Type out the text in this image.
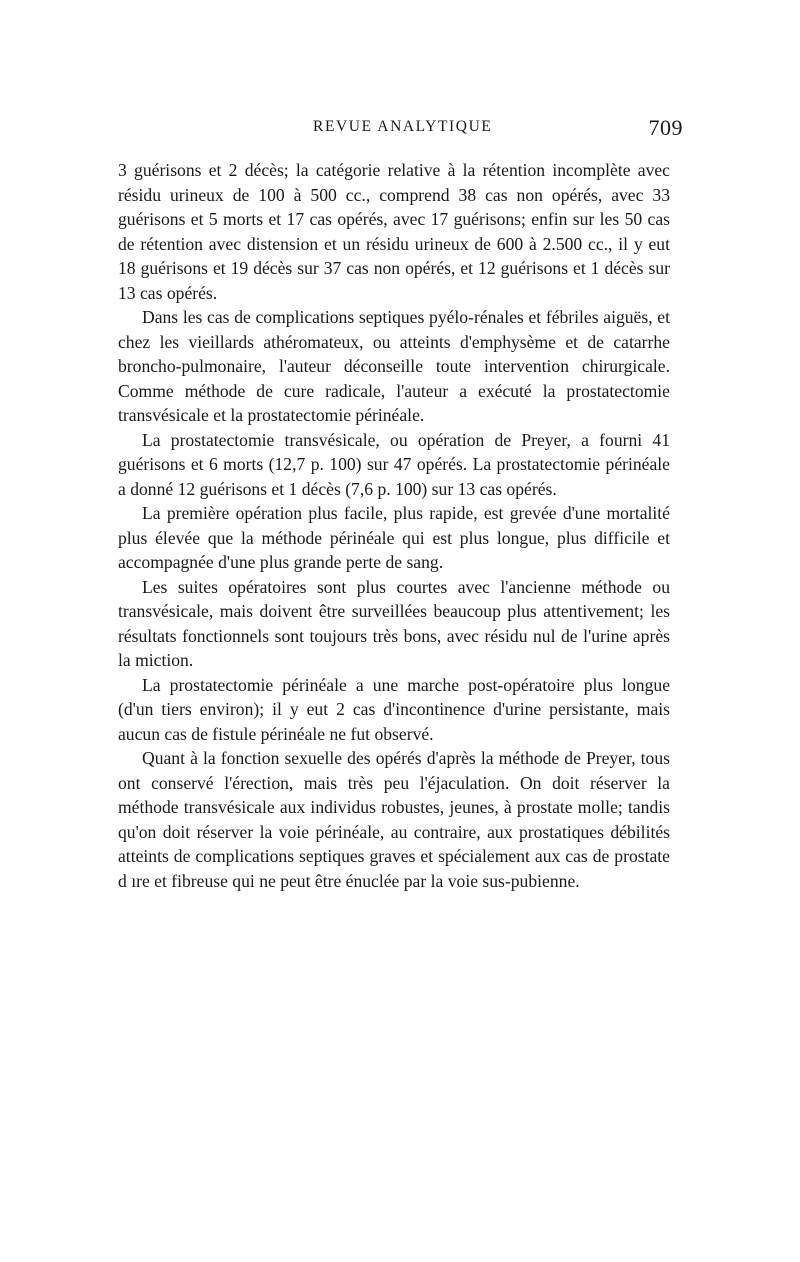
REVUE ANALYTIQUE	709

3 guérisons et 2 décès; la catégorie relative à la rétention incomplète avec résidu urineux de 100 à 500 cc., comprend 38 cas non opérés, avec 33 guérisons et 5 morts et 17 cas opérés, avec 17 guérisons; enfin sur les 50 cas de rétention avec distension et un résidu urineux de 600 à 2.500 cc., il y eut 18 guérisons et 19 décès sur 37 cas non opérés, et 12 guérisons et 1 décès sur 13 cas opérés.

Dans les cas de complications septiques pyélo-rénales et fébriles aiguës, et chez les vieillards athéromateux, ou atteints d'emphysème et de catarrhe broncho-pulmonaire, l'auteur déconseille toute intervention chirurgicale. Comme méthode de cure radicale, l'auteur a exécuté la prostatectomie transvésicale et la prostatectomie périnéale.

La prostatectomie transvésicale, ou opération de Preyer, a fourni 41 guérisons et 6 morts (12,7 p. 100) sur 47 opérés. La prostatectomie périnéale a donné 12 guérisons et 1 décès (7,6 p. 100) sur 13 cas opérés.

La première opération plus facile, plus rapide, est grevée d'une mortalité plus élevée que la méthode périnéale qui est plus longue, plus difficile et accompagnée d'une plus grande perte de sang.

Les suites opératoires sont plus courtes avec l'ancienne méthode ou transvésicale, mais doivent être surveillées beaucoup plus attentivement; les résultats fonctionnels sont toujours très bons, avec résidu nul de l'urine après la miction.

La prostatectomie périnéale a une marche post-opératoire plus longue (d'un tiers environ); il y eut 2 cas d'incontinence d'urine persistante, mais aucun cas de fistule périnéale ne fut observé.

Quant à la fonction sexuelle des opérés d'après la méthode de Preyer, tous ont conservé l'érection, mais très peu l'éjaculation. On doit réserver la méthode transvésicale aux individus robustes, jeunes, à prostate molle; tandis qu'on doit réserver la voie périnéale, au contraire, aux prostatiques débilités atteints de complications septiques graves et spécialement aux cas de prostate d ıre et fibreuse qui ne peut être énuclée par la voie sus-pubienne.
